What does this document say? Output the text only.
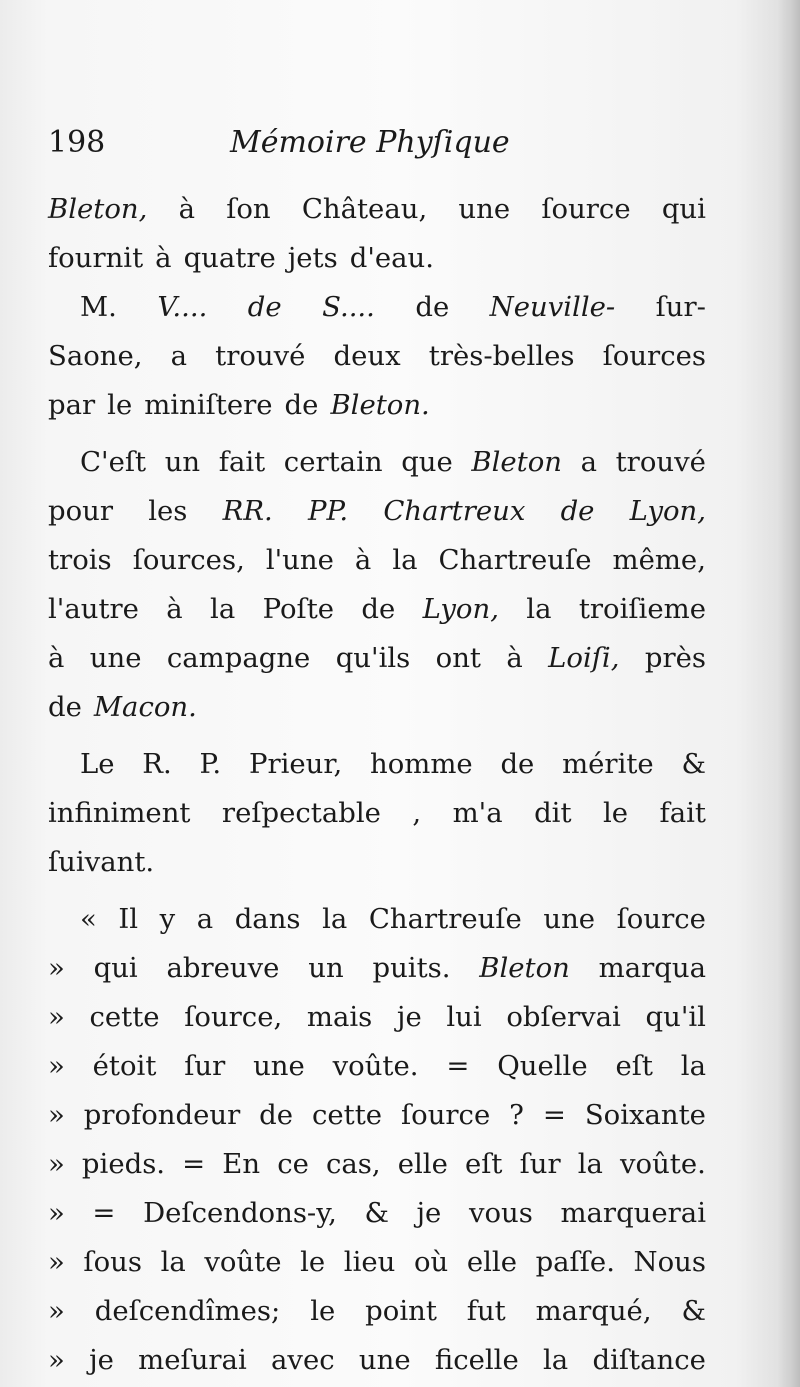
198	Mémoire Phyſique
Bleton, à ſon Château, une ſource qui
fournit à quatre jets d'eau.
M. V.... de S.... de Neuville- ſur-
Saone, a trouvé deux très-belles ſources
par le miniſtere de Bleton.
C'eſt un fait certain que Bleton a trouvé
pour les RR. PP. Chartreux de Lyon,
trois ſources, l'une à la Chartreuſe même,
l'autre à la Poſte de Lyon, la troiſieme
à une campagne qu'ils ont à Loiſi, près
de Macon.
Le R. P. Prieur, homme de mérite &
infiniment reſpectable , m'a dit le fait
ſuivant.
« Il y a dans la Chartreuſe une ſource
» qui abreuve un puits. Bleton marqua
» cette ſource, mais je lui obſervai qu'il
» étoit ſur une voûte. = Quelle eſt la
» profondeur de cette ſource ? = Soixante
» pieds. = En ce cas, elle eſt ſur la voûte.
» = Deſcendons-y, & je vous marquerai
» ſous la voûte le lieu où elle paſſe. Nous
» deſcendîmes; le point fut marqué, &
» je meſurai avec une ficelle la diſtance
